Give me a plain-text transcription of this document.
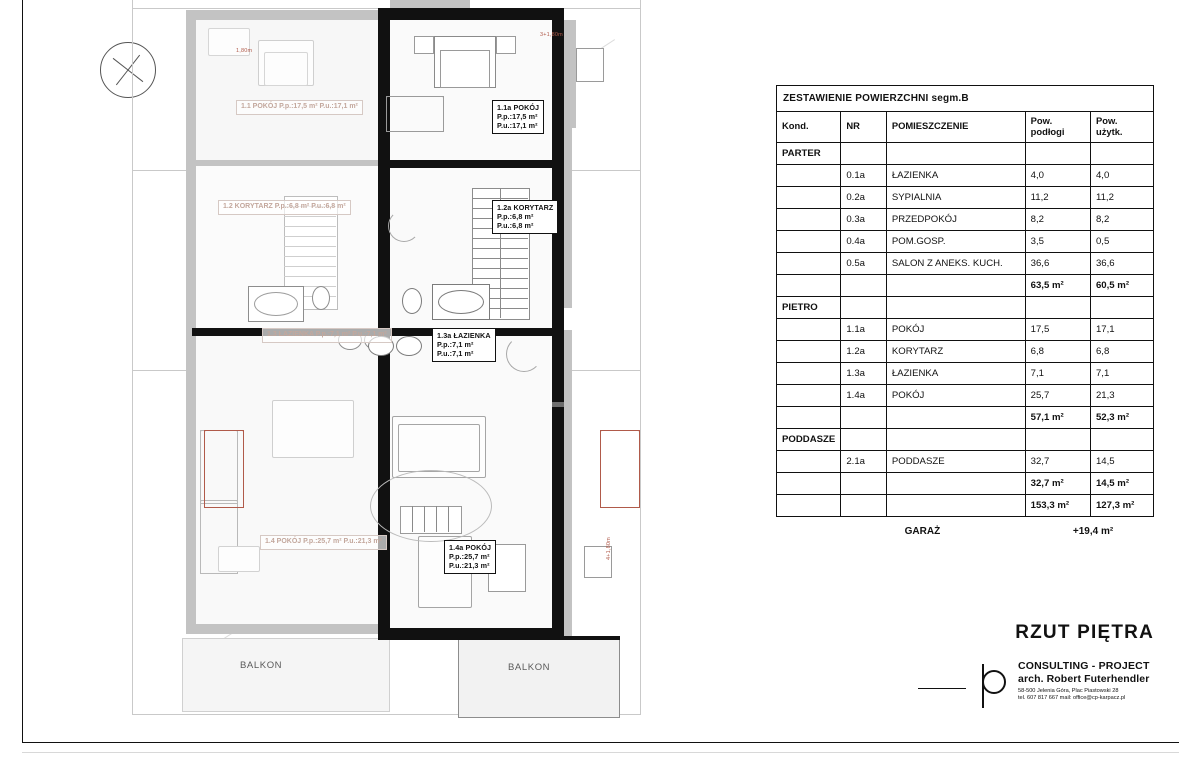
BALKON	BALKON
3+1,80m
1,80m
4+1,80m
1.1 POKÓJ P.p.:17,5 m² P.u.:17,1 m²
1.2 KORYTARZ P.p.:6,8 m² P.u.:6,8 m²
1.3 ŁAZIENKA P.p.:7,1 m² P.u.:7,1 m²
1.4 POKÓJ P.p.:25,7 m² P.u.:21,3 m²
1.1a POKÓJ
P.p.:17,5 m²
P.u.:17,1 m²
1.2a KORYTARZ
P.p.:6,8 m²
P.u.:6,8 m²
1.3a ŁAZIENKA
P.p.:7,1 m²
P.u.:7,1 m²
1.4a POKÓJ
P.p.:25,7 m²
P.u.:21,3 m²
ZESTAWIENIE POWIERZCHNI segm.B				
Kond.	NR	POMIESZCZENIE	Pow.
podłogi	Pow.
użytk.
PARTER				
	0.1a	ŁAZIENKA	4,0	4,0
	0.2a	SYPIALNIA	11,2	11,2
	0.3a	PRZEDPOKÓJ	8,2	8,2
	0.4a	POM.GOSP.	3,5	0,5
	0.5a	SALON Z ANEKS. KUCH.	36,6	36,6
			63,5 m²	60,5 m²
PIETRO				
	1.1a	POKÓJ	17,5	17,1
	1.2a	KORYTARZ	6,8	6,8
	1.3a	ŁAZIENKA	7,1	7,1
	1.4a	POKÓJ	25,7	21,3
			57,1 m²	52,3 m²
PODDASZE				
	2.1a	PODDASZE	32,7	14,5
			32,7 m²	14,5 m²
			153,3 m²	127,3 m²
GARAŻ	+19,4 m²
RZUT PIĘTRA
CONSULTING - PROJECT
arch. Robert Futerhendler
58-500 Jelenia Góra, Plac Piastowski 28
tel. 607 817 667 mail: office@cp-karpacz.pl
